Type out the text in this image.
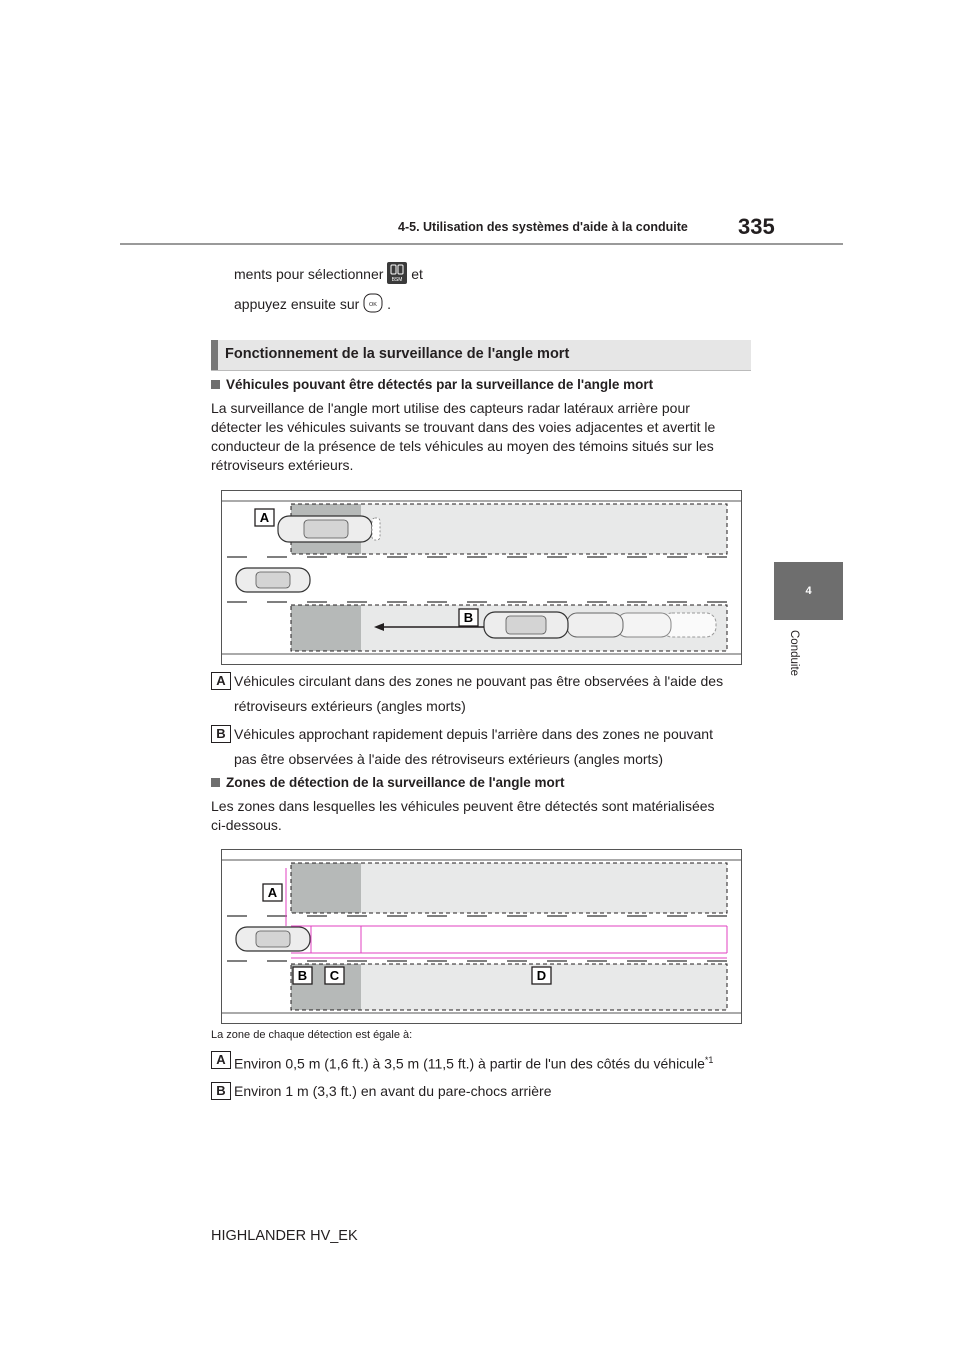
4-5. Utilisation des systèmes d'aide à la conduite 335
4
Conduite
ments pour sélectionner BSM et
appuyez ensuite sur OK .
Fonctionnement de la surveillance de l'angle mort
Véhicules pouvant être détectés par la surveillance de l'angle mort
La surveillance de l'angle mort utilise des capteurs radar latéraux arrière pour
détecter les véhicules suivants se trouvant dans des voies adjacentes et avertit le
conducteur de la présence de tels véhicules au moyen des témoins situés sur les
rétroviseurs extérieurs.
A
B
A Véhicules circulant dans des zones ne pouvant pas être observées à l'aide des
rétroviseurs extérieurs (angles morts)
B Véhicules approchant rapidement depuis l'arrière dans des zones ne pouvant
pas être observées à l'aide des rétroviseurs extérieurs (angles morts)
Zones de détection de la surveillance de l'angle mort
Les zones dans lesquelles les véhicules peuvent être détectés sont matérialisées
ci-dessous.
A
B C	D
La zone de chaque détection est égale à:
A Environ 0,5 m (1,6 ft.) à 3,5 m (11,5 ft.) à partir de l'un des côtés du véhicule$^{*1}$
B Environ 1 m (3,3 ft.) en avant du pare-chocs arrière
HIGHLANDER HV_EK
